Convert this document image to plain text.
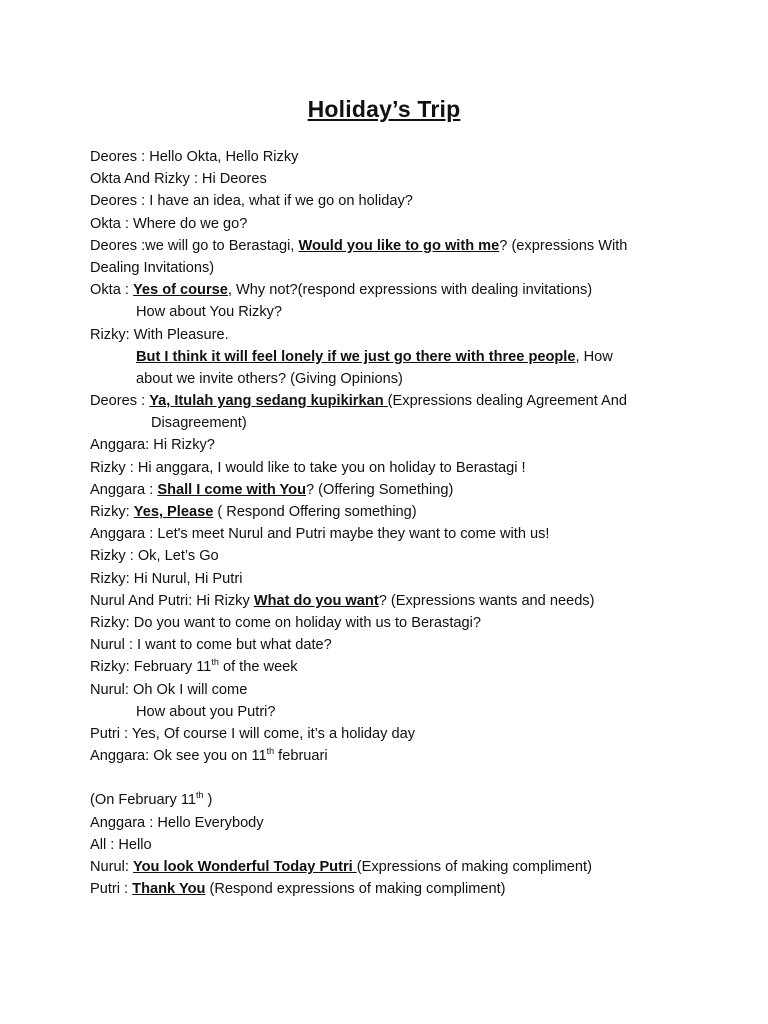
Holiday’s Trip
Deores : Hello Okta, Hello Rizky
Okta And Rizky : Hi Deores
Deores : I have an idea, what if we go on holiday?
Okta : Where do we go?
Deores :we will go to Berastagi, Would you like to go with me? (expressions With
Dealing Invitations)
Okta : Yes of course, Why not?(respond expressions with dealing invitations)
How about You Rizky?
Rizky: With Pleasure.
But I think it will feel lonely if we just go there with three people, How
about we invite others? (Giving Opinions)
Deores : Ya, Itulah yang sedang kupikirkan (Expressions dealing Agreement And
Disagreement)
Anggara: Hi Rizky?
Rizky : Hi anggara, I would like to take you on holiday to Berastagi !
Anggara : Shall I come with You? (Offering Something)
Rizky: Yes, Please ( Respond Offering something)
Anggara : Let's meet Nurul and Putri maybe they want to come with us!
Rizky : Ok, Let’s Go
Rizky: Hi Nurul, Hi Putri
Nurul And Putri: Hi Rizky What do you want? (Expressions wants and needs)
Rizky: Do you want to come on holiday with us to Berastagi?
Nurul : I want to come but what date?
Rizky: February 11th of the week
Nurul: Oh Ok I will come
How about you Putri?
Putri : Yes, Of course I will come, it’s a holiday day
Anggara: Ok see you on 11th februari
(On February 11th )
Anggara : Hello Everybody
All : Hello
Nurul: You look Wonderful Today Putri (Expressions of making compliment)
Putri : Thank You (Respond expressions of making compliment)
